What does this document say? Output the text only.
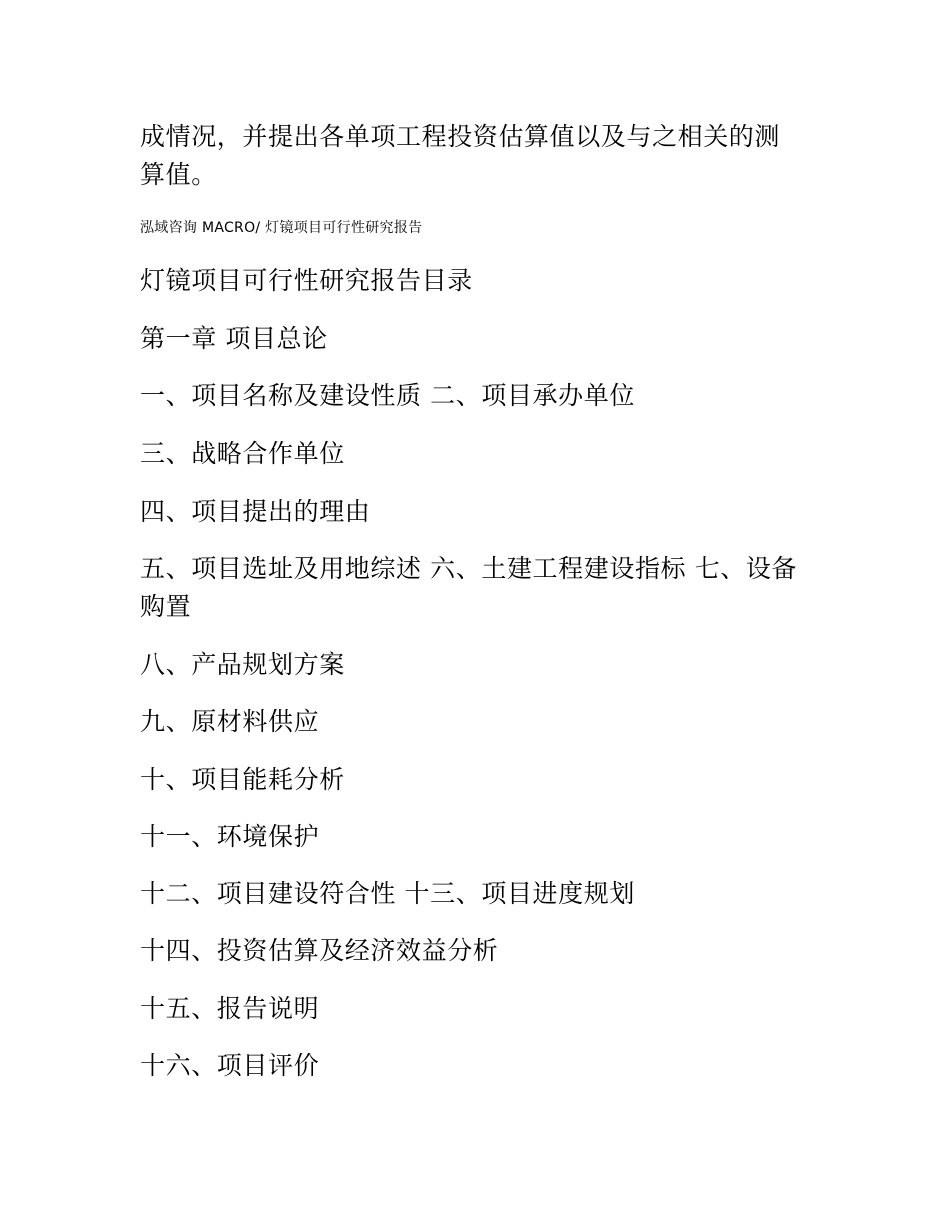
成情况，并提出各单项工程投资估算值以及与之相关的测算值。
泓域咨询 MACRO/ 灯镜项目可行性研究报告
灯镜项目可行性研究报告目录
第一章 项目总论
一、项目名称及建设性质 二、项目承办单位
三、战略合作单位
四、项目提出的理由
五、项目选址及用地综述 六、土建工程建设指标 七、设备购置
八、产品规划方案
九、原材料供应
十、项目能耗分析
十一、环境保护
十二、项目建设符合性 十三、项目进度规划
十四、投资估算及经济效益分析
十五、报告说明
十六、项目评价
